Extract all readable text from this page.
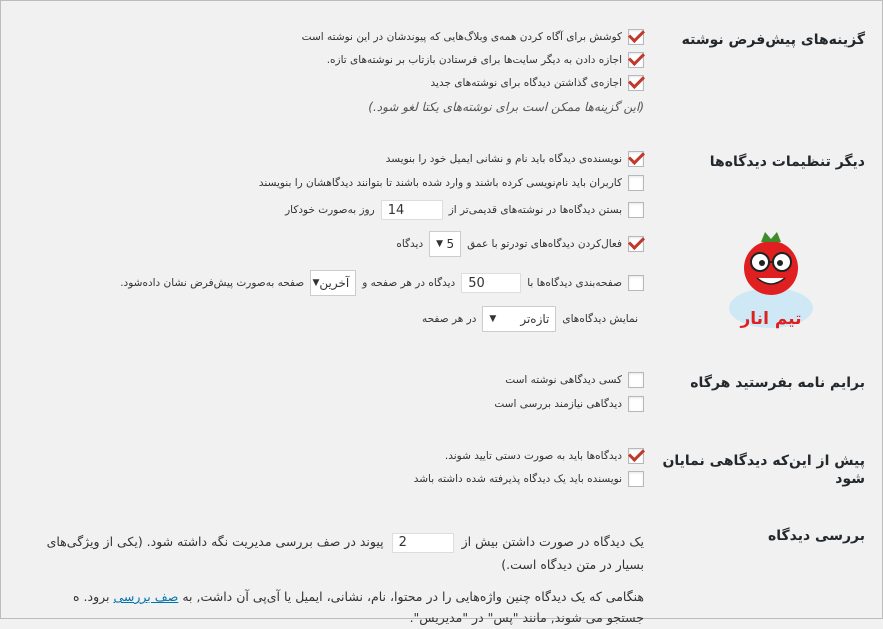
گزینه‌های پیش‌فرض نوشته
کوشش برای آگاه کردن همه‌ی وبلاگ‌هایی که پیوندشان در این نوشته است
اجازه دادن به دیگر سایت‌ها برای فرستادن بازتاب بر نوشته‌های تازه.
اجازه‌ی گذاشتن دیدگاه برای نوشته‌های جدید
(این گزینه‌ها ممکن است برای نوشته‌های یکتا لغو شود.)
دیگر تنظیمات دیدگاه‌ها
نویسنده‌ی دیدگاه باید نام و نشانی ایمیل خود را بنویسد
کاربران باید نام‌نویسی کرده باشند و وارد شده باشند تا بتوانند دیدگاهشان را بنویسند
بستن دیدگاه‌ها در نوشته‌های قدیمی‌تر از
14
روز به‌صورت خودکار
فعال‌کردن دیدگاه‌های تودرتو با عمق
5
▼
دیدگاه
صفحه‌بندی دیدگاه‌ها با
50
دیدگاه در هر صفحه و
آخرین
▼
صفحه به‌صورت پیش‌فرض نشان داده‌شود.
نمایش دیدگاه‌های
تازه‌تر
▼
در هر صفحه	تیم انار
برایم نامه بفرستید هرگاه
کسی دیدگاهی نوشته است
دیدگاهی نیازمند بررسی است
پیش از این‌که دیدگاهی نمایان
شود
دیدگاه‌ها باید به صورت دستی تایید شوند.
نویسنده باید یک دیدگاه پذیرفته شده داشته باشد
بررسی دیدگاه
یک دیدگاه در صورت داشتن بیش از 2 پیوند در صف بررسی مدیریت نگه داشته شود. (یکی از ویژگی‌های
بسیار در متن دیدگاه است.)
هنگامی که یک دیدگاه چنین واژه‌هایی را در محتوا، نام، نشانی، ایمیل یا آی‌پی آن داشت, به صف بررسی برود. ه
جستجو می شوند, مانند "پس" در "مدیریس".
